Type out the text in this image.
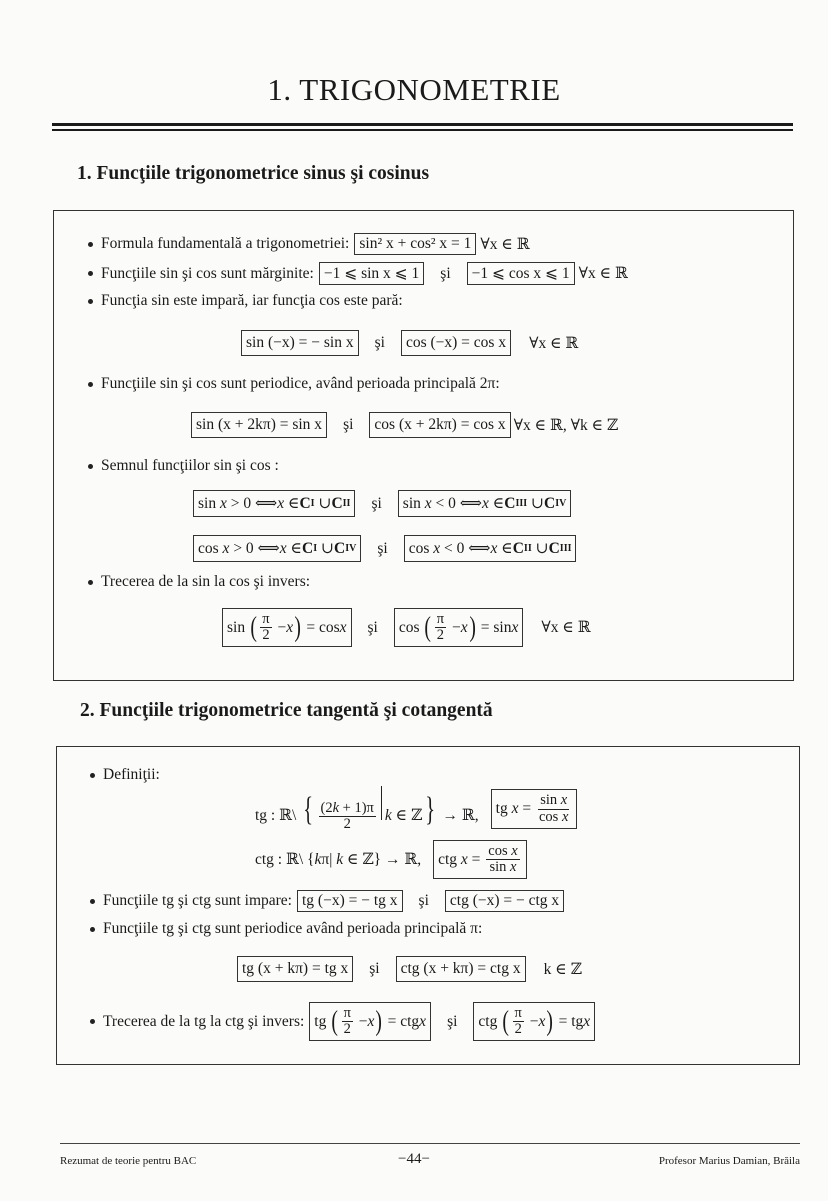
1. TRIGONOMETRIE
1. Funcţiile trigonometrice sinus şi cosinus
Formula fundamentală a trigonometriei: sin² x + cos² x = 1 ∀x ∈ ℝ
Funcţiile sin şi cos sunt mărginite: −1 ⩽ sin x ⩽ 1	şi	−1 ⩽ cos x ⩽ 1 ∀x ∈ ℝ
Funcţia sin este impară, iar funcţia cos este pară:
sin (−x) = − sin x	şi	cos (−x) = cos x	∀x ∈ ℝ
Funcţiile sin şi cos sunt periodice, având perioada principală 2π:
sin (x + 2kπ) = sin x	şi	cos (x + 2kπ) = cos x ∀x ∈ ℝ, ∀k ∈ ℤ
Semnul funcţiilor sin şi cos :
sin x > 0 ⟺ x ∈ C I ∪ C II şi	sin x < 0 ⟺ x ∈ C III ∪ C IV
cos x > 0 ⟺ x ∈ C I ∪ C IV şi	cos x < 0 ⟺ x ∈ C II ∪ C III
Trecerea de la sin la cos şi invers:
sin ( $\frac{\pi}{2} - x$ ) = cos x şi	cos ( $\frac{\pi}{2} - x$ ) = sin x ∀x ∈ ℝ
2. Funcţiile trigonometrice tangentă şi cotangentă
Definiţii:
tg : ℝ\ { $\frac{(2k + 1)\pi}{2}$ k ∈ ℤ} → ℝ,	tg $x = \frac{\text{sin x}}{\text{cos x}}$
ctg : ℝ\ {kπ| k ∈ ℤ} → ℝ,	ctg $x = \frac{\text{cos x}}{\text{sin x}}$
Funcţiile tg şi ctg sunt impare: tg (−x) = − tg x	şi	ctg (−x) = − ctg x
Funcţiile tg şi ctg sunt periodice având perioada principală π:
tg (x + kπ) = tg x	şi	ctg (x + kπ) = ctg x	k ∈ ℤ
Trecerea de la tg la ctg şi invers: tg ( $\frac{\pi}{2} - x$ ) = ctg x şi	ctg ( $\frac{\pi}{2} - x$ ) = tg x
Rezumat de teorie pentru BAC	−44−	Profesor Marius Damian, Brăila
